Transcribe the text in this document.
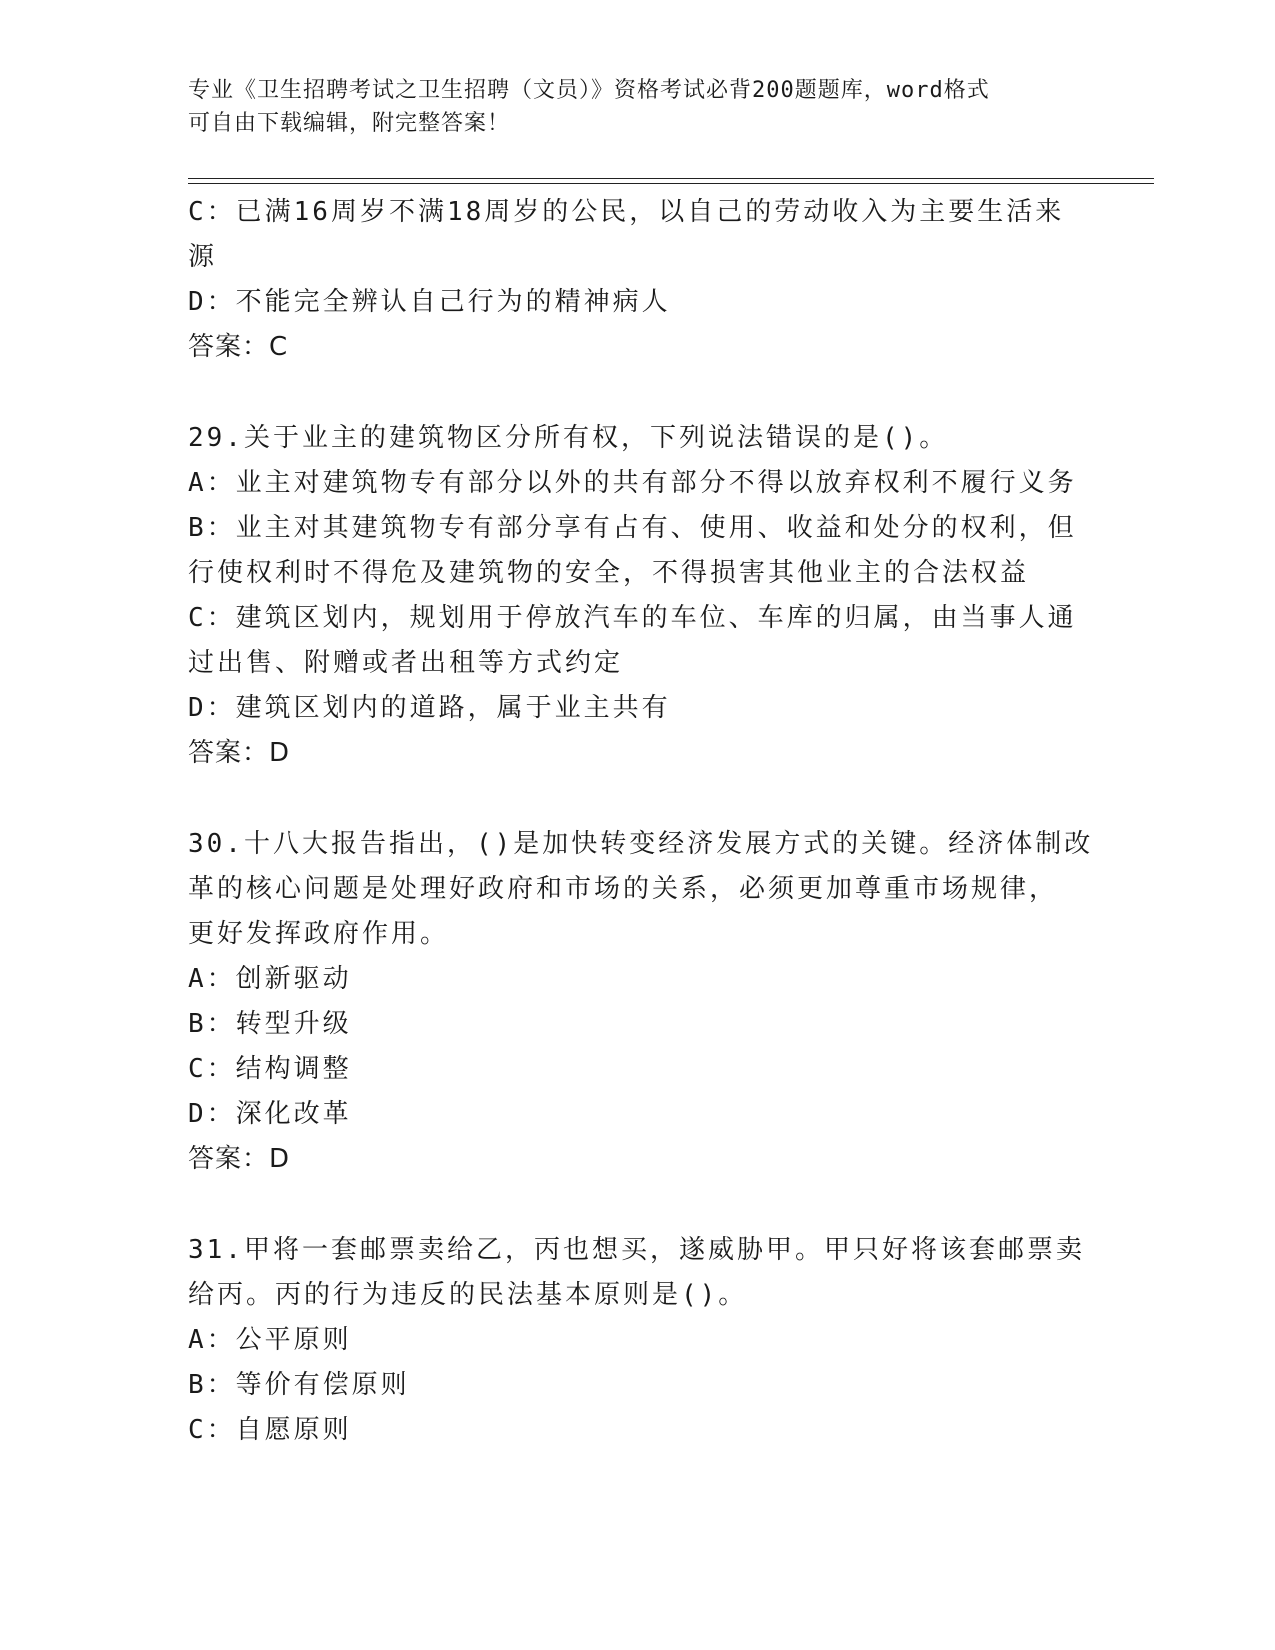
专业《卫生招聘考试之卫生招聘（文员）》资格考试必背200题题库，word格式
可自由下载编辑，附完整答案！
C：已满16周岁不满18周岁的公民，以自己的劳动收入为主要生活来
源
D：不能完全辨认自己行为的精神病人
答案：C
29.关于业主的建筑物区分所有权，下列说法错误的是()。
A：业主对建筑物专有部分以外的共有部分不得以放弃权利不履行义务
B：业主对其建筑物专有部分享有占有、使用、收益和处分的权利，但
行使权利时不得危及建筑物的安全，不得损害其他业主的合法权益
C：建筑区划内，规划用于停放汽车的车位、车库的归属，由当事人通
过出售、附赠或者出租等方式约定
D：建筑区划内的道路，属于业主共有
答案：D
30.十八大报告指出，()是加快转变经济发展方式的关键。经济体制改
革的核心问题是处理好政府和市场的关系，必须更加尊重市场规律，
更好发挥政府作用。
A：创新驱动
B：转型升级
C：结构调整
D：深化改革
答案：D
31.甲将一套邮票卖给乙，丙也想买，遂威胁甲。甲只好将该套邮票卖
给丙。丙的行为违反的民法基本原则是()。
A：公平原则
B：等价有偿原则
C：自愿原则
